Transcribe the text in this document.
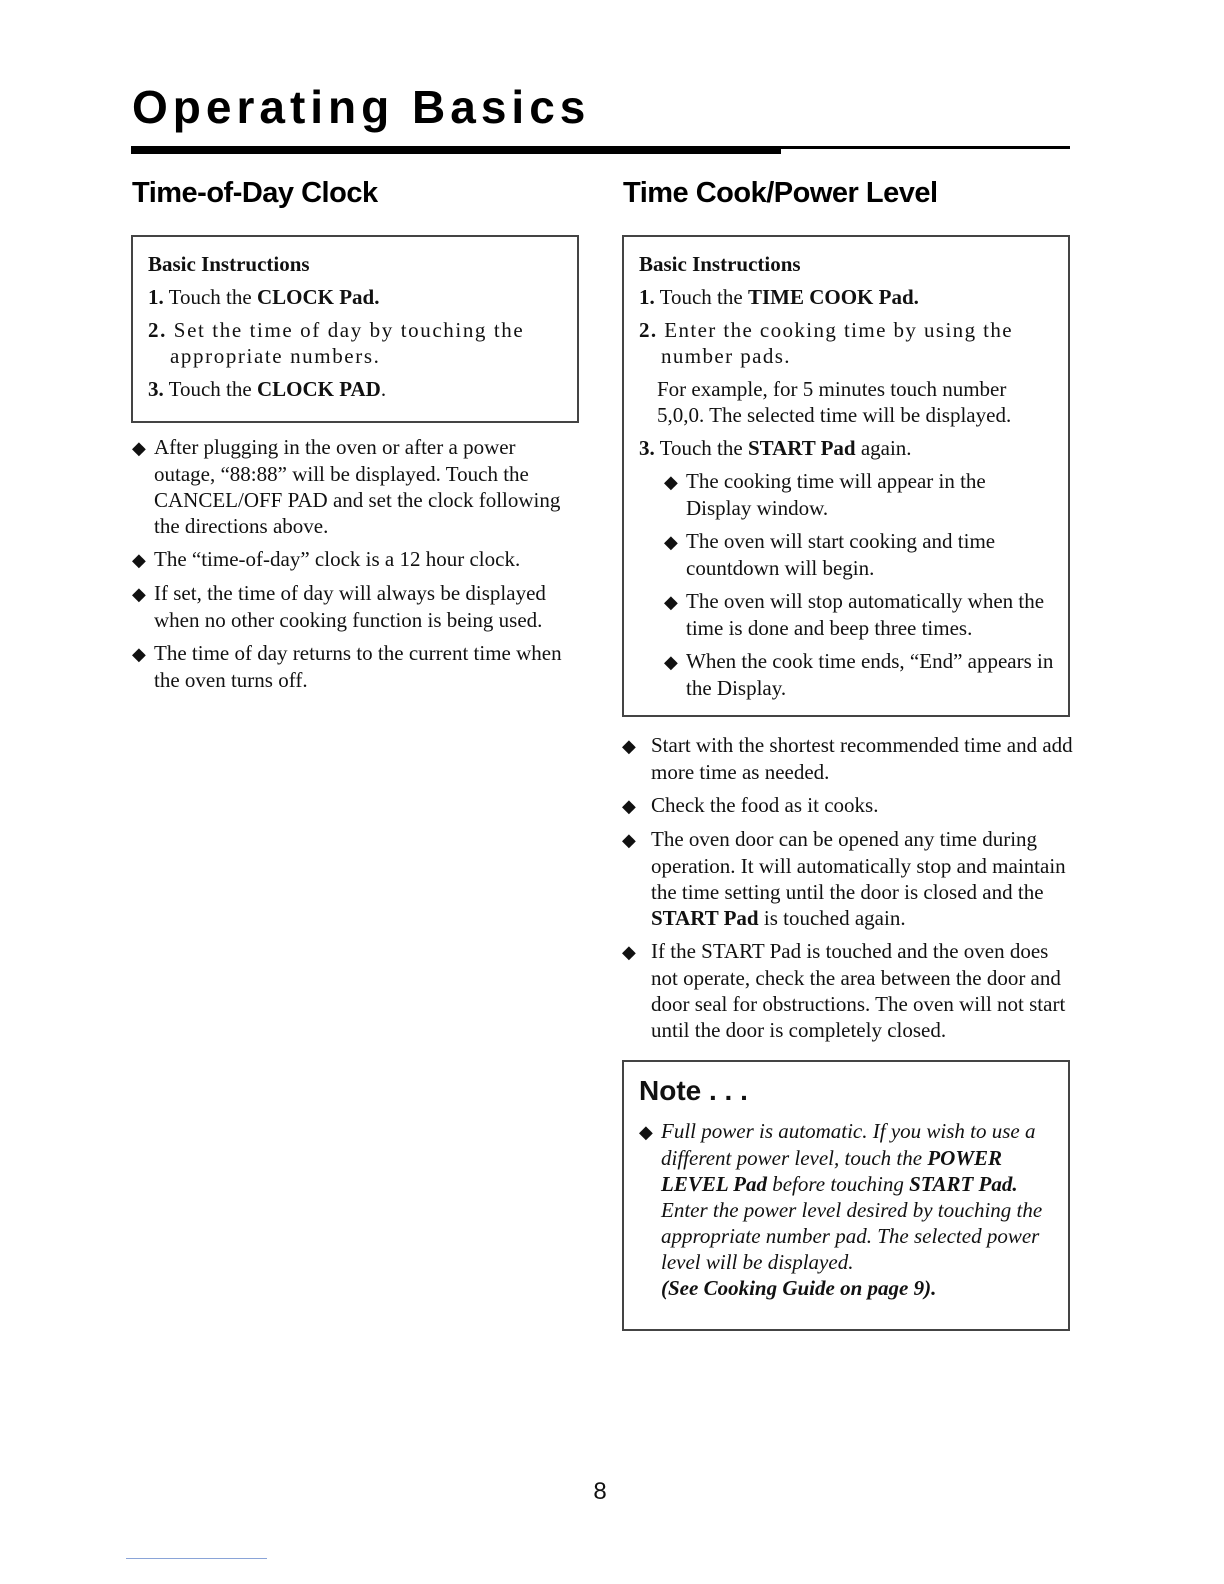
Operating Basics
Time-of-Day Clock
Basic Instructions
1. Touch the CLOCK Pad.
2. Set the time of day by touching the appropriate numbers.
3. Touch the CLOCK PAD.
◆ After plugging in the oven or after a power outage, “88:88” will be displayed. Touch the CANCEL/OFF PAD and set the clock following the directions above.
◆ The “time-of-day” clock is a 12 hour clock.
◆ If set, the time of day will always be displayed when no other cooking function is being used.
◆ The time of day returns to the current time when the oven turns off.
Time Cook/Power Level
Basic Instructions
1. Touch the TIME COOK Pad.
2. Enter the cooking time by using the number pads.
For example, for 5 minutes touch number 5,0,0. The selected time will be displayed.
3. Touch the START Pad again.
◆ The cooking time will appear in the Display window.
◆ The oven will start cooking and time countdown will begin.
◆ The oven will stop automatically when the time is done and beep three times.
◆ When the cook time ends, “End” appears in the Display.
◆ Start with the shortest recommended time and add more time as needed.
◆ Check the food as it cooks.
◆ The oven door can be opened any time during operation. It will automatically stop and maintain the time setting until the door is closed and the START Pad is touched again.
◆ If the START Pad is touched and the oven does not operate, check the area between the door and door seal for obstructions. The oven will not start until the door is completely closed.
Note . . .
◆ Full power is automatic. If you wish to use a different power level, touch the POWER LEVEL Pad before touching START Pad. Enter the power level desired by touching the appropriate number pad. The selected power level will be displayed.
(See Cooking Guide on page 9).
8
